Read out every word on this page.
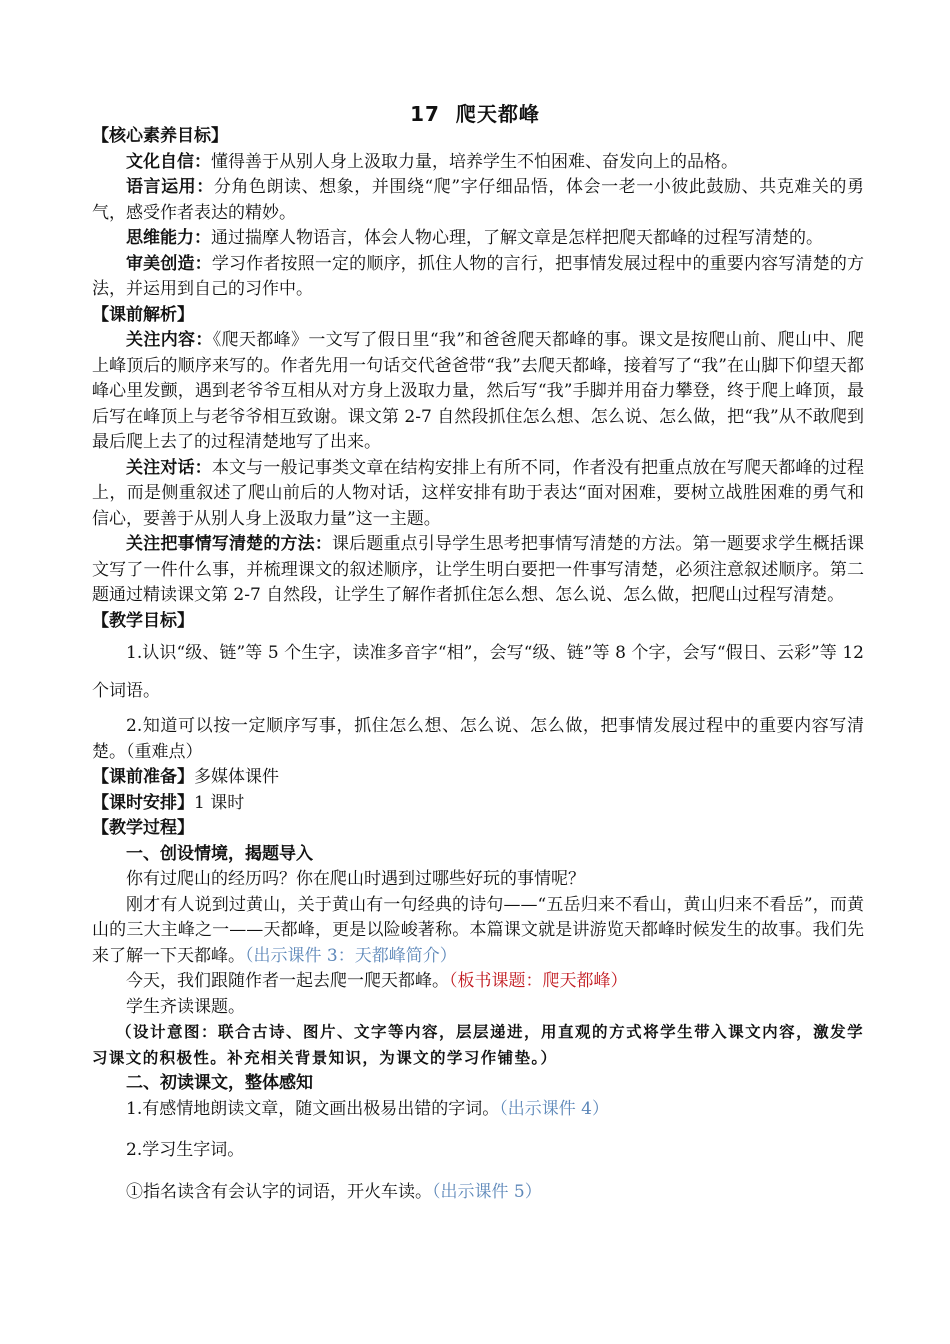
17 爬天都峰

【核心素养目标】

文化自信：懂得善于从别人身上汲取力量，培养学生不怕困难、奋发向上的品格。

语言运用：分角色朗读、想象，并围绕“爬”字仔细品悟，体会一老一小彼此鼓励、共克难关的勇气，感受作者表达的精妙。

思维能力：通过揣摩人物语言，体会人物心理，了解文章是怎样把爬天都峰的过程写清楚的。

审美创造：学习作者按照一定的顺序，抓住人物的言行，把事情发展过程中的重要内容写清楚的方法，并运用到自己的习作中。

【课前解析】

关注内容：《爬天都峰》一文写了假日里“我”和爸爸爬天都峰的事。课文是按爬山前、爬山中、爬上峰顶后的顺序来写的。作者先用一句话交代爸爸带“我”去爬天都峰，接着写了“我”在山脚下仰望天都峰心里发颤，遇到老爷爷互相从对方身上汲取力量，然后写“我”手脚并用奋力攀登，终于爬上峰顶，最后写在峰顶上与老爷爷相互致谢。课文第 2-7 自然段抓住怎么想、怎么说、怎么做，把“我”从不敢爬到最后爬上去了的过程清楚地写了出来。

关注对话：本文与一般记事类文章在结构安排上有所不同，作者没有把重点放在写爬天都峰的过程上，而是侧重叙述了爬山前后的人物对话，这样安排有助于表达“面对困难，要树立战胜困难的勇气和信心，要善于从别人身上汲取力量”这一主题。

关注把事情写清楚的方法：课后题重点引导学生思考把事情写清楚的方法。第一题要求学生概括课文写了一件什么事，并梳理课文的叙述顺序，让学生明白要把一件事写清楚，必须注意叙述顺序。第二题通过精读课文第 2-7 自然段，让学生了解作者抓住怎么想、怎么说、怎么做，把爬山过程写清楚。

【教学目标】

1.认识“级、链”等 5 个生字，读准多音字“相”，会写“级、链”等 8 个字，会写“假日、云彩”等 12 个词语。

2.知道可以按一定顺序写事，抓住怎么想、怎么说、怎么做，把事情发展过程中的重要内容写清楚。（重难点）

【课前准备】多媒体课件

【课时安排】1 课时

【教学过程】

一、创设情境，揭题导入

你有过爬山的经历吗？你在爬山时遇到过哪些好玩的事情呢？

刚才有人说到过黄山，关于黄山有一句经典的诗句——“五岳归来不看山，黄山归来不看岳”，而黄山的三大主峰之一——天都峰，更是以险峻著称。本篇课文就是讲游览天都峰时候发生的故事。我们先来了解一下天都峰。（出示课件 3：天都峰简介）

今天，我们跟随作者一起去爬一爬天都峰。（板书课题：爬天都峰）

学生齐读课题。

（设计意图：联合古诗、图片、文字等内容，层层递进，用直观的方式将学生带入课文内容，激发学习课文的积极性。补充相关背景知识，为课文的学习作铺垫。）

二、初读课文，整体感知

1.有感情地朗读文章，随文画出极易出错的字词。（出示课件 4）

2.学习生字词。

①指名读含有会认字的词语，开火车读。（出示课件 5）
